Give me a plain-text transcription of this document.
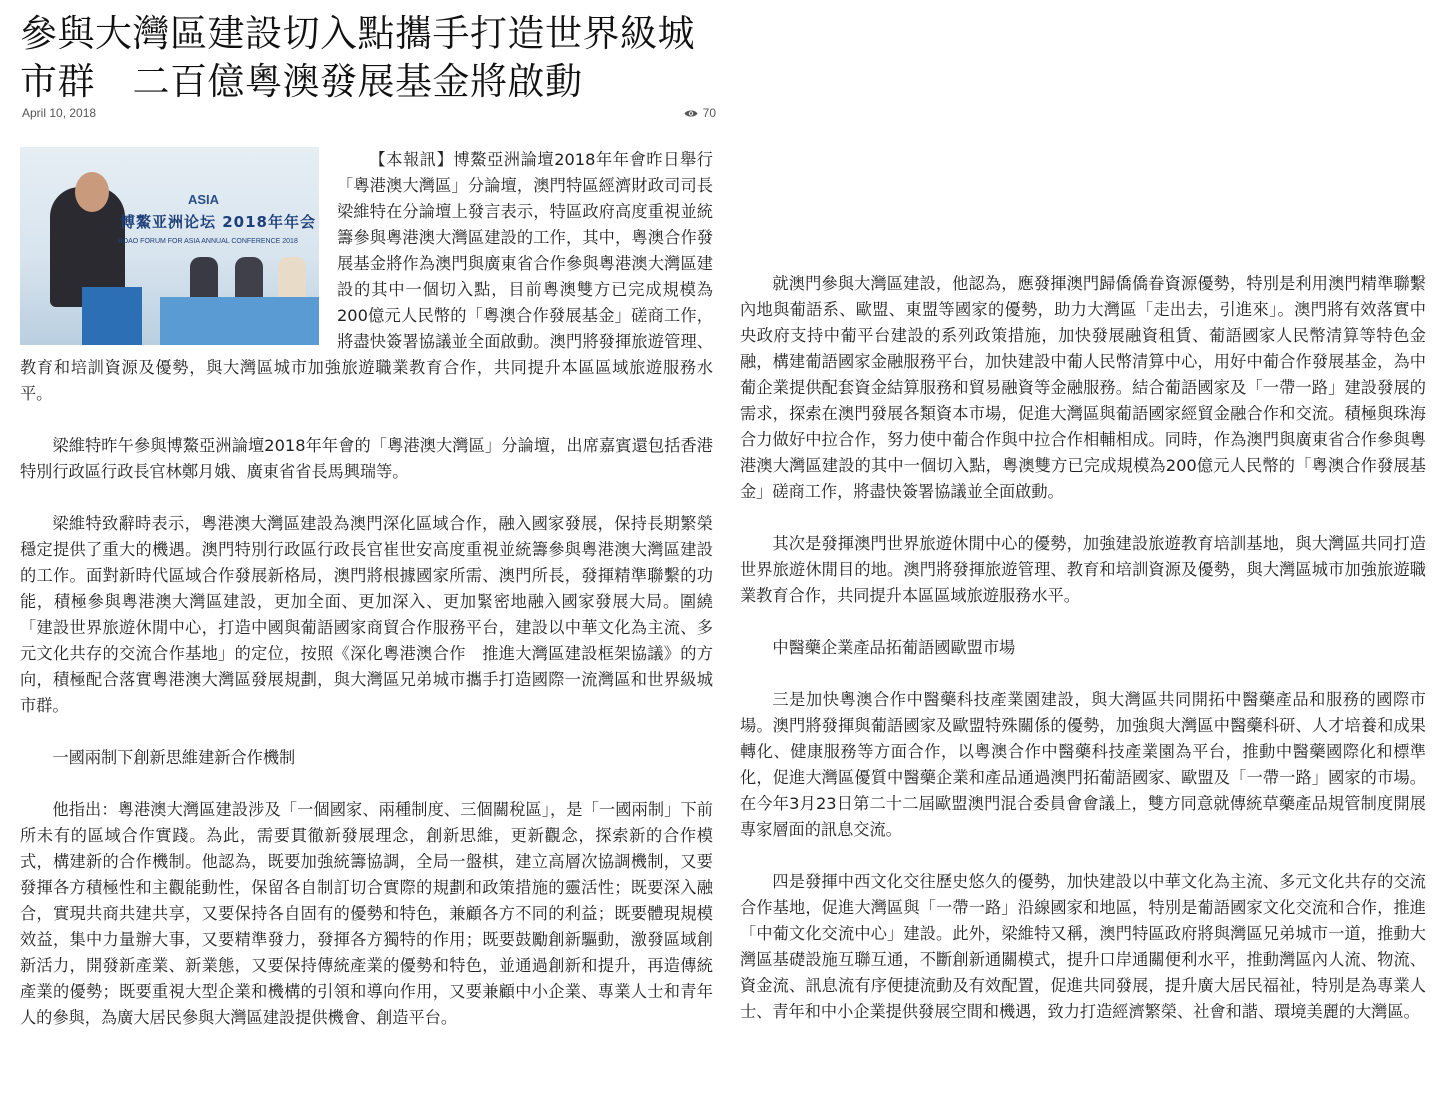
參與大灣區建設切入點攜手打造世界級城市群　二百億粵澳發展基金將啟動
April 10, 2018	70
ASIA
博鰲亚洲论坛 2018年年会
BOAO FORUM FOR ASIA ANNUAL CONFERENCE 2018

【本報訊】博鰲亞洲論壇2018年年會昨日舉行「粵港澳大灣區」分論壇，澳門特區經濟財政司司長梁維特在分論壇上發言表示，特區政府高度重視並統籌參與粵港澳大灣區建設的工作，其中，粵澳合作發展基金將作為澳門與廣東省合作參與粵港澳大灣區建設的其中一個切入點，目前粵澳雙方已完成規模為 200億元人民幣的「粵澳合作發展基金」磋商工作，將盡快簽署協議並全面啟動。澳門將發揮旅遊管理、教育和培訓資源及優勢，與大灣區城市加強旅遊職業教育合作，共同提升本區區域旅遊服務水平。

梁維特昨午參與博鰲亞洲論壇2018年年會的「粵港澳大灣區」分論壇，出席嘉賓還包括香港特別行政區行政長官林鄭月娥、廣東省省長馬興瑞等。

梁維特致辭時表示，粵港澳大灣區建設為澳門深化區域合作，融入國家發展，保持長期繁榮穩定提供了重大的機遇。澳門特別行政區行政長官崔世安高度重視並統籌參與粵港澳大灣區建設的工作。面對新時代區域合作發展新格局，澳門將根據國家所需、澳門所長，發揮精準聯繫的功能，積極參與粵港澳大灣區建設，更加全面、更加深入、更加緊密地融入國家發展大局。圍繞「建設世界旅遊休閒中心，打造中國與葡語國家商貿合作服務平台，建設以中華文化為主流、多元文化共存的交流合作基地」的定位，按照《深化粵港澳合作　推進大灣區建設框架協議》的方向，積極配合落實粵港澳大灣區發展規劃，與大灣區兄弟城市攜手打造國際一流灣區和世界級城市群。

一國兩制下創新思維建新合作機制

他指出：粵港澳大灣區建設涉及「一個國家、兩種制度、三個關稅區」，是「一國兩制」下前所未有的區域合作實踐。為此，需要貫徹新發展理念，創新思維，更新觀念，探索新的合作模式，構建新的合作機制。他認為，既要加強統籌協調，全局一盤棋，建立高層次協調機制，又要發揮各方積極性和主觀能動性，保留各自制訂切合實際的規劃和政策措施的靈活性；既要深入融合，實現共商共建共享，又要保持各自固有的優勢和特色，兼顧各方不同的利益；既要體現規模效益，集中力量辦大事，又要精準發力，發揮各方獨特的作用；既要鼓勵創新驅動，激發區域創新活力，開發新產業、新業態，又要保持傳統產業的優勢和特色，並通過創新和提升，再造傳統產業的優勢；既要重視大型企業和機構的引領和導向作用，又要兼顧中小企業、專業人士和青年人的參與，為廣大居民參與大灣區建設提供機會、創造平台。

就澳門參與大灣區建設，他認為，應發揮澳門歸僑僑眷資源優勢，特別是利用澳門精準聯繫內地與葡語系、歐盟、東盟等國家的優勢，助力大灣區「走出去，引進來」。澳門將有效落實中央政府支持中葡平台建設的系列政策措施，加快發展融資租賃、葡語國家人民幣清算等特色金融，構建葡語國家金融服務平台，加快建設中葡人民幣清算中心，用好中葡合作發展基金，為中葡企業提供配套資金結算服務和貿易融資等金融服務。結合葡語國家及「一帶一路」建設發展的需求，探索在澳門發展各類資本市場，促進大灣區與葡語國家經貿金融合作和交流。積極與珠海合力做好中拉合作，努力使中葡合作與中拉合作相輔相成。同時，作為澳門與廣東省合作參與粵港澳大灣區建設的其中一個切入點，粵澳雙方已完成規模為200億元人民幣的「粵澳合作發展基金」磋商工作，將盡快簽署協議並全面啟動。

其次是發揮澳門世界旅遊休閒中心的優勢，加強建設旅遊教育培訓基地，與大灣區共同打造世界旅遊休閒目的地。澳門將發揮旅遊管理、教育和培訓資源及優勢，與大灣區城市加強旅遊職業教育合作，共同提升本區區域旅遊服務水平。

中醫藥企業產品拓葡語國歐盟市場

三是加快粵澳合作中醫藥科技產業園建設，與大灣區共同開拓中醫藥產品和服務的國際市場。澳門將發揮與葡語國家及歐盟特殊關係的優勢，加強與大灣區中醫藥科研、人才培養和成果轉化、健康服務等方面合作，以粵澳合作中醫藥科技產業園為平台，推動中醫藥國際化和標準化，促進大灣區優質中醫藥企業和產品通過澳門拓葡語國家、歐盟及「一帶一路」國家的市場。在今年3月23日第二十二屆歐盟澳門混合委員會會議上，雙方同意就傳統草藥產品規管制度開展專家層面的訊息交流。

四是發揮中西文化交往歷史悠久的優勢，加快建設以中華文化為主流、多元文化共存的交流合作基地，促進大灣區與「一帶一路」沿線國家和地區，特別是葡語國家文化交流和合作，推進「中葡文化交流中心」建設。此外，梁維特又稱，澳門特區政府將與灣區兄弟城市一道，推動大灣區基礎設施互聯互通，不斷創新通關模式，提升口岸通關便利水平，推動灣區內人流、物流、資金流、訊息流有序便捷流動及有效配置，促進共同發展，提升廣大居民福祉，特別是為專業人士、青年和中小企業提供發展空間和機遇，致力打造經濟繁榮、社會和諧、環境美麗的大灣區。
